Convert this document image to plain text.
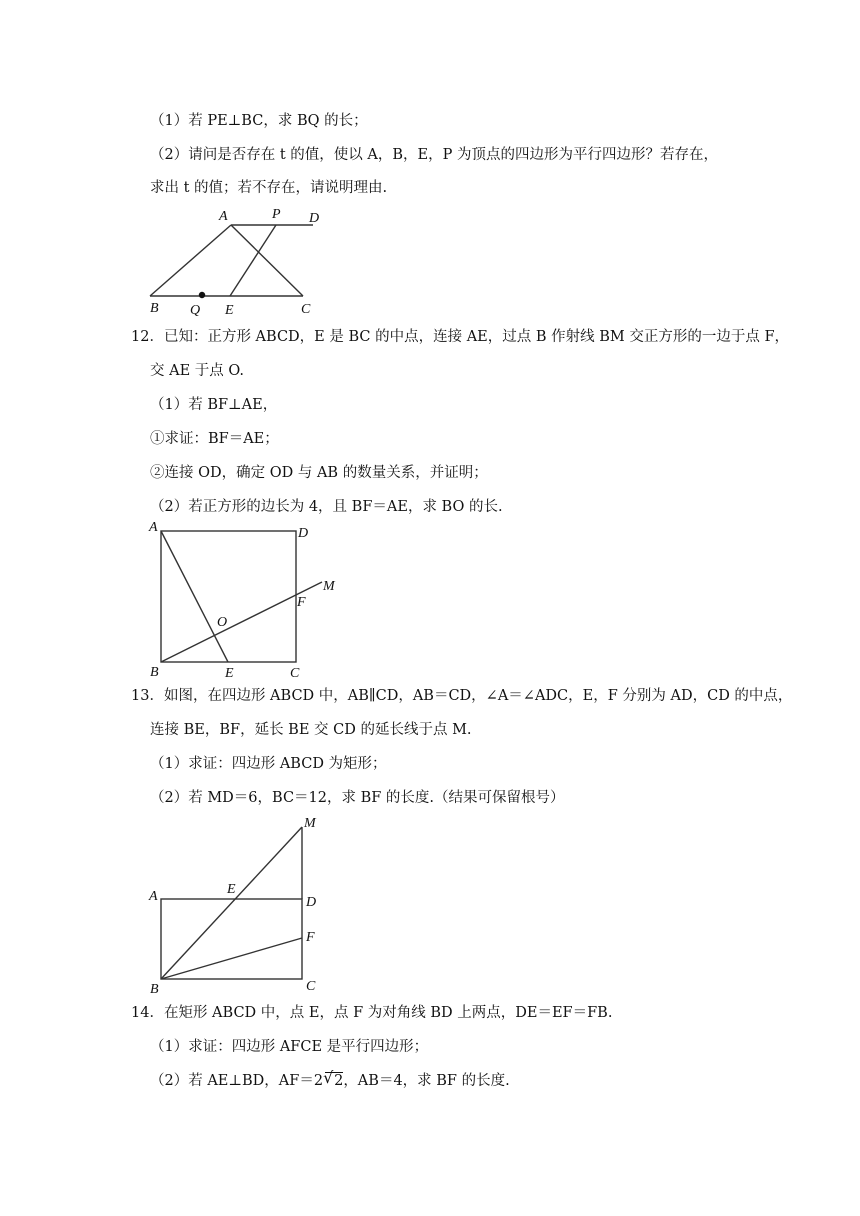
（1）若 PE⊥BC，求 BQ 的长；
（2）请问是否存在 t 的值，使以 A，B，E，P 为顶点的四边形为平行四边形？若存在，
求出 t 的值；若不存在，请说明理由.
A	P D
B Q E	C
12．已知：正方形 ABCD，E 是 BC 的中点，连接 AE，过点 B 作射线 BM 交正方形的一边于点 F，
交 AE 于点 O.
（1）若 BF⊥AE，
①求证：BF＝AE；
②连接 OD，确定 OD 与 AB 的数量关系，并证明；
（2）若正方形的边长为 4，且 BF＝AE，求 BO 的长.
A	D
M
F
O
B	E	C
13．如图，在四边形 ABCD 中，AB∥CD，AB＝CD，∠A＝∠ADC，E，F 分别为 AD，CD 的中点，
连接 BE，BF，延长 BE 交 CD 的延长线于点 M.
（1）求证：四边形 ABCD 为矩形；
（2）若 MD＝6，BC＝12，求 BF 的长度.（结果可保留根号）
M
A	E
D
F
B	C
14．在矩形 ABCD 中，点 E，点 F 为对角线 BD 上两点，DE＝EF＝FB.
（1）求证：四边形 AFCE 是平行四边形；
（2）若 AE⊥BD，AF＝2√ 2，AB＝4，求 BF 的长度.
